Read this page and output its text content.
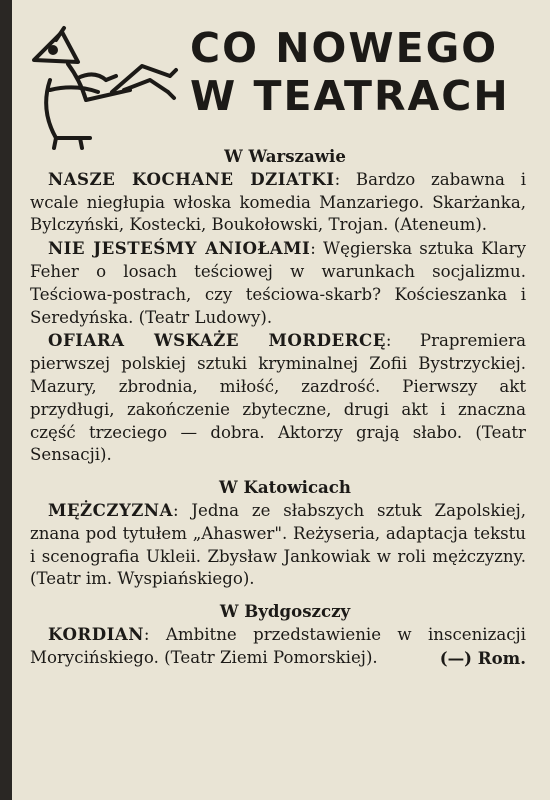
CO NOWEGO
W TEATRACH

W Warszawie

NASZE KOCHANE DZIATKI: Bardzo zabawna i wcale niegłupia włoska komedia Manzariego. Skarżanka, Bylczyński, Kostecki, Boukołowski, Trojan. (Ateneum).

NIE JESTEŚMY ANIOŁAMI: Węgierska sztuka Klary Feher o losach teściowej w warunkach socjalizmu. Teściowa-postrach, czy teściowa-skarb? Kościeszanka i Seredyńska. (Teatr Ludowy).

OFIARA WSKAŻE MORDERCĘ: Prapremiera pierwszej polskiej sztuki kryminalnej Zofii Bystrzyckiej. Mazury, zbrodnia, miłość, zazdrość. Pierwszy akt przydługi, zakończenie zbyteczne, drugi akt i znaczna część trzeciego — dobra. Aktorzy grają słabo. (Teatr Sensacji).

W Katowicach

MĘŻCZYZNA: Jedna ze słabszych sztuk Zapolskiej, znana pod tytułem „Ahaswer". Reżyseria, adaptacja tekstu i scenografia Ukleii. Zbysław Jankowiak w roli mężczyzny. (Teatr im. Wyspiańskiego).

W Bydgoszczy

KORDIAN: Ambitne przedstawienie w inscenizacji Morycińskiego. (Teatr Ziemi Pomorskiej).	(—) Rom.
